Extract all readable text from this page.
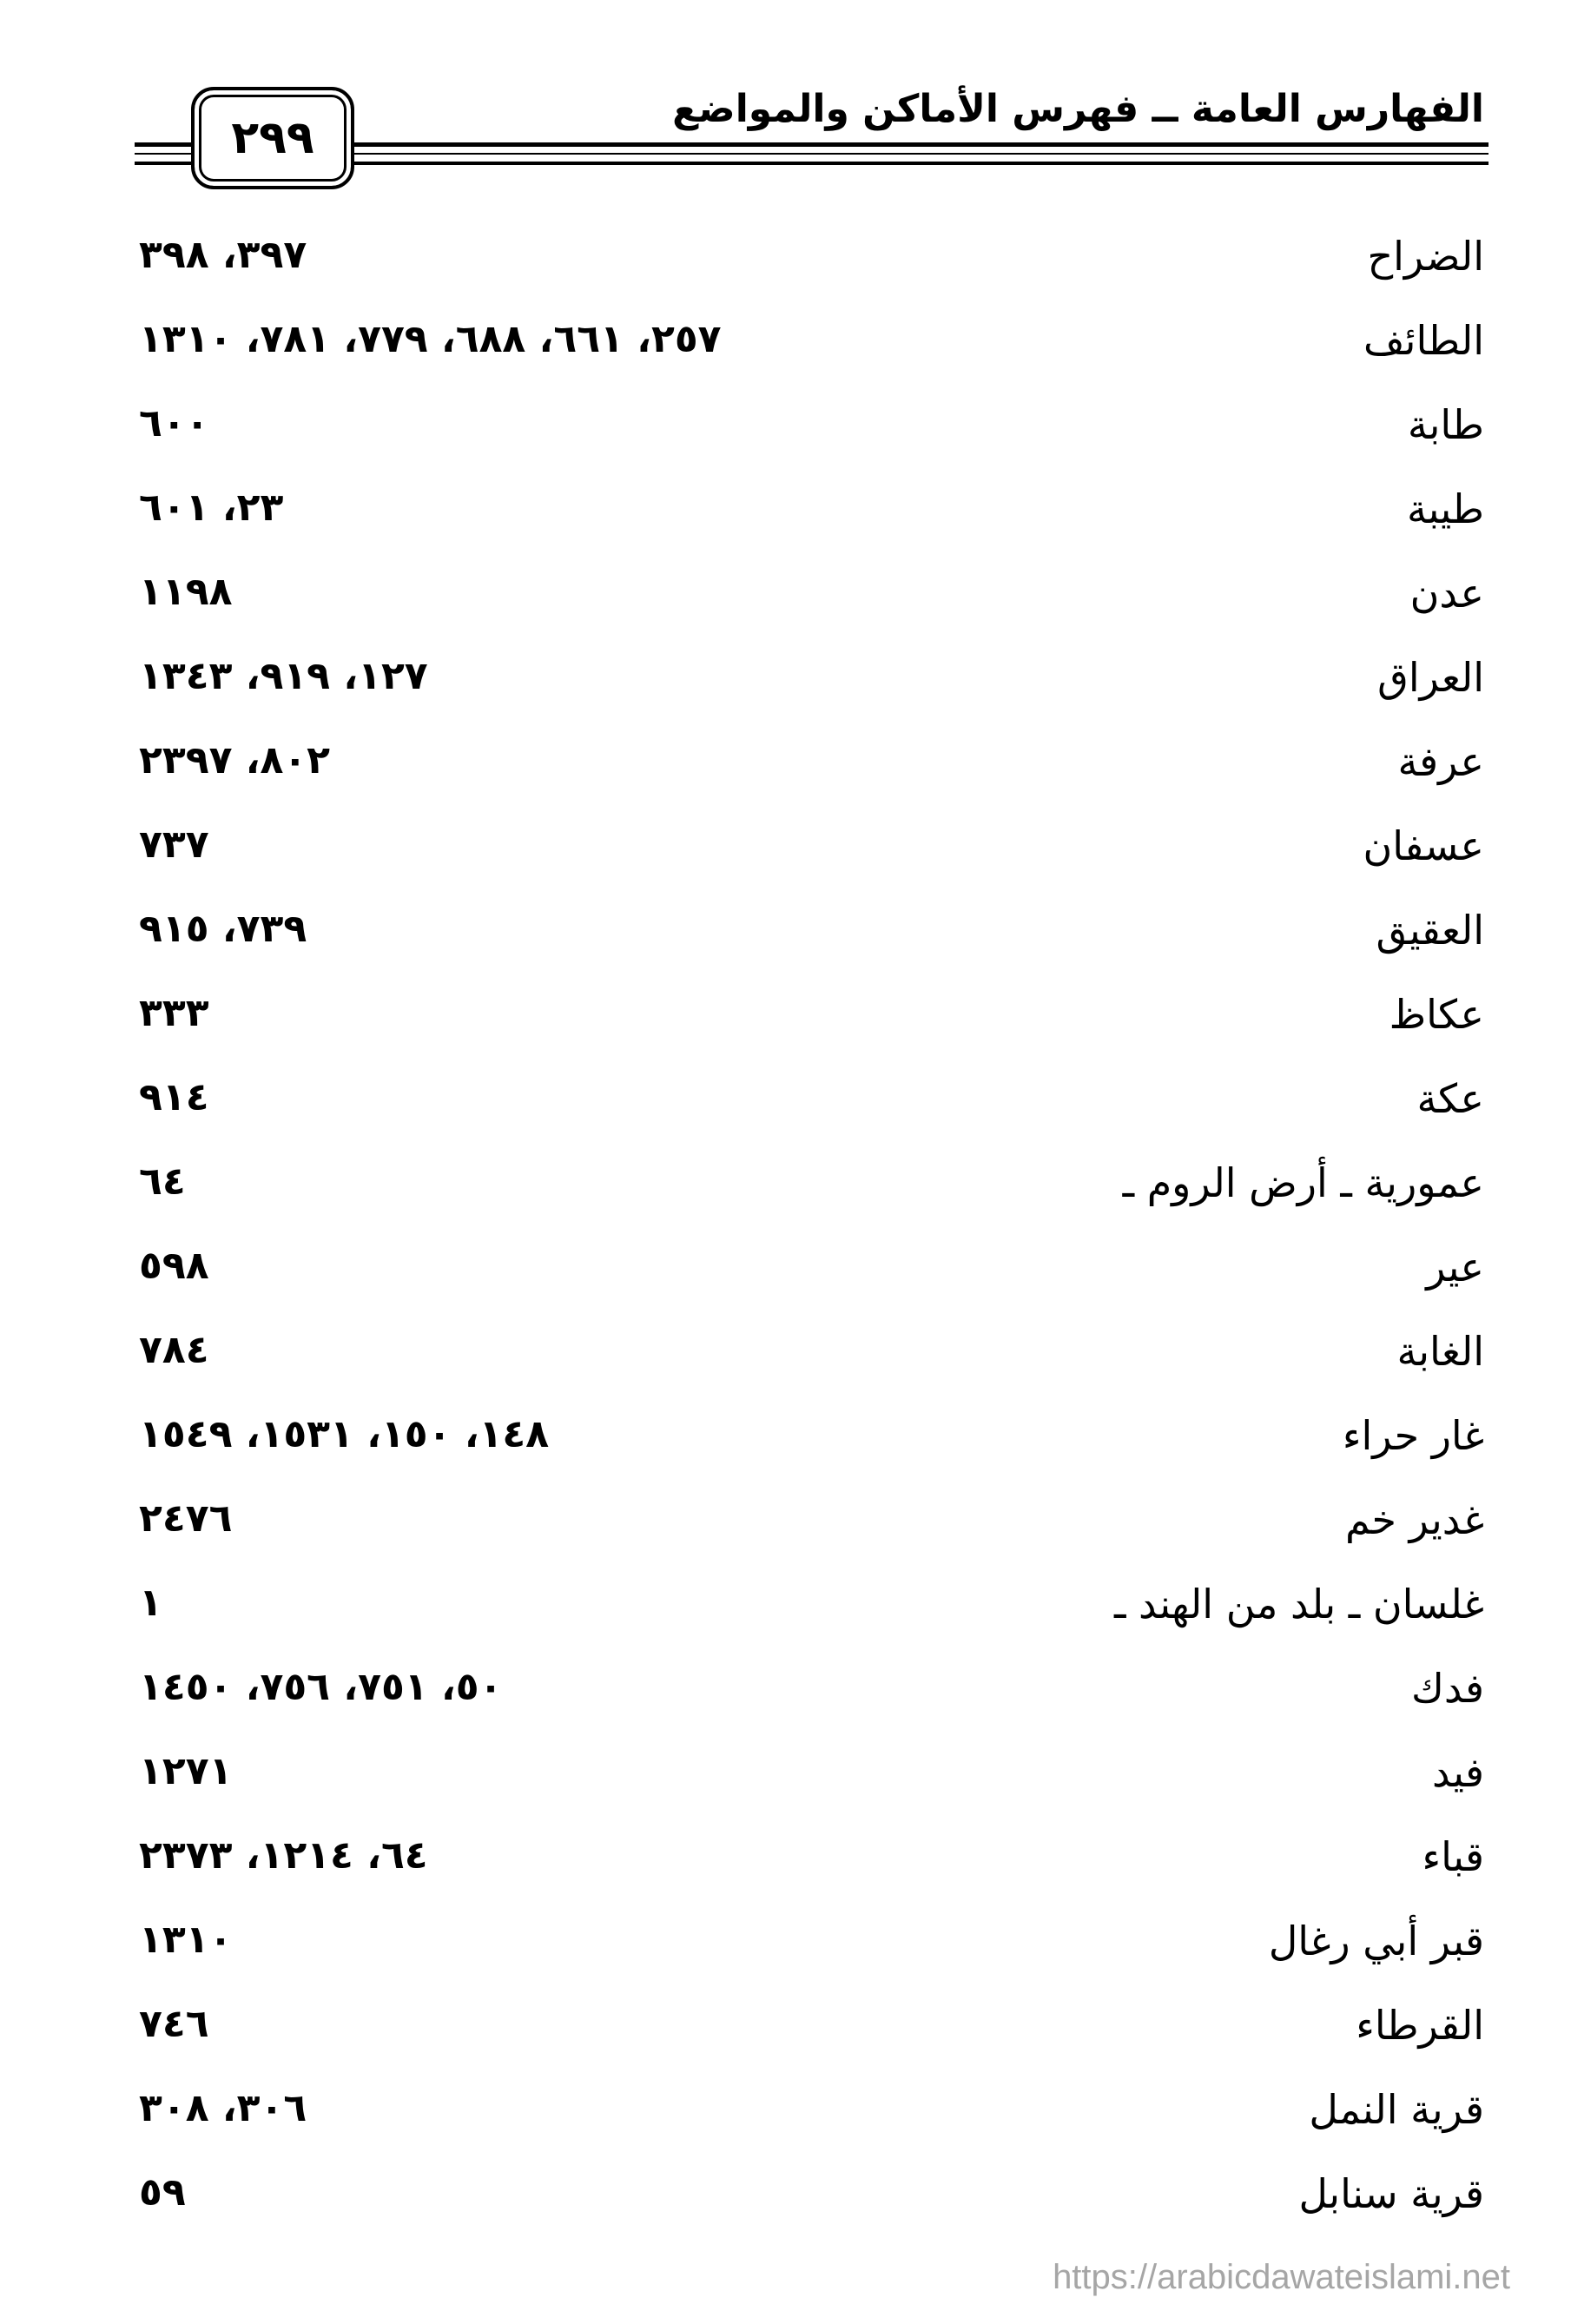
الفهارس العامة ــ فهرس الأماكن والمواضع
٢٩٩
الضراح
٣٩٧، ٣٩٨
الطائف
٢٥٧، ٦٦١، ٦٨٨، ٧٧٩، ٧٨١، ١٣١٠
طابة
٦٠٠
طيبة
٢٣، ٦٠١
عدن
١١٩٨
العراق
١٢٧، ٩١٩، ١٣٤٣
عرفة
٨٠٢، ٢٣٩٧
عسفان
٧٣٧
العقيق
٧٣٩، ٩١٥
عكاظ
٣٣٣
عكة
٩١٤
عمورية ـ أرض الروم ـ
٦٤
عير
٥٩٨
الغابة
٧٨٤
غار حراء
١٤٨، ١٥٠، ١٥٣١، ١٥٤٩
غدير خم
٢٤٧٦
غلسان ـ بلد من الهند ـ
١
فدك
٥٠، ٧٥١، ٧٥٦، ١٤٥٠
فيد
١٢٧١
قباء
٦٤، ١٢١٤، ٢٣٧٣
قبر أبي رغال
١٣١٠
القرطاء
٧٤٦
قرية النمل
٣٠٦، ٣٠٨
قرية سنابل
٥٩
https://arabicdawateislami.net
